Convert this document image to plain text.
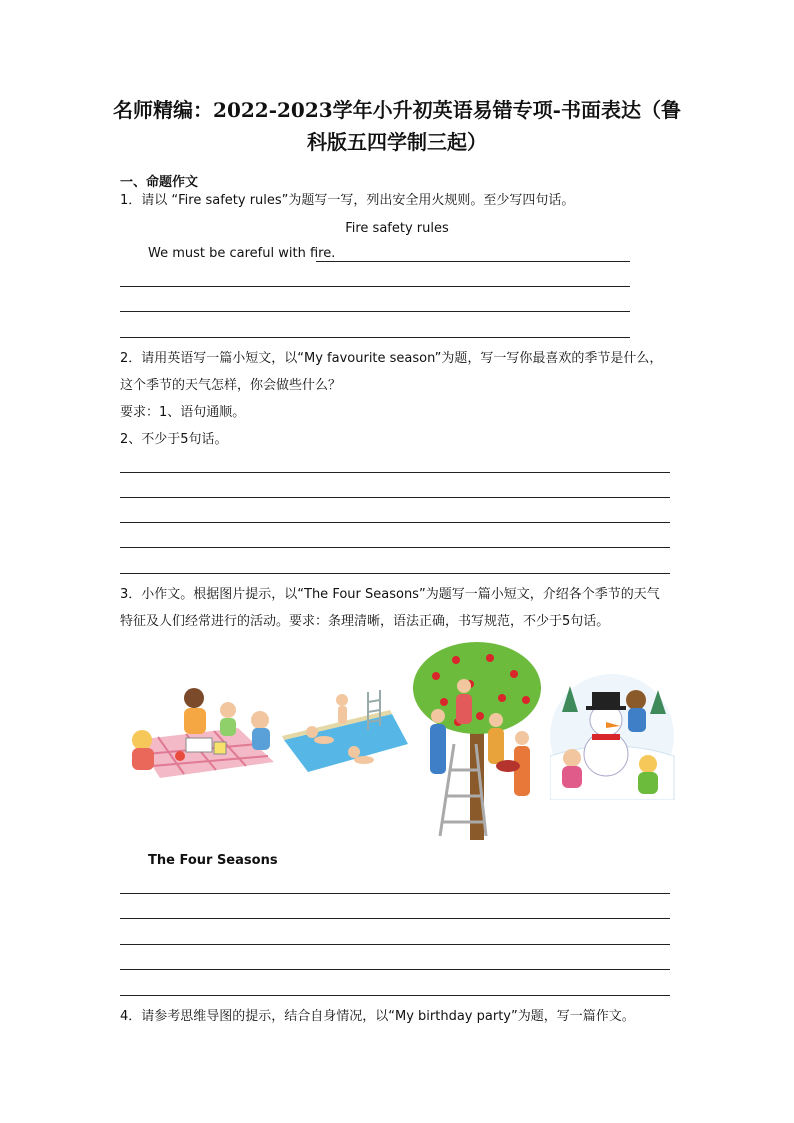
名师精编：2022-2023学年小升初英语易错专项-书面表达（鲁
科版五四学制三起）
一、命题作文
1．请以 “Fire safety rules”为题写一写，列出安全用火规则。至少写四句话。
Fire safety rules
We must be careful with fire.
2．请用英语写一篇小短文，以“My favourite season”为题，写一写你最喜欢的季节是什么，
这个季节的天气怎样，你会做些什么？
要求：1、语句通顺。
2、不少于5句话。
3．小作文。根据图片提示，以“The Four Seasons”为题写一篇小短文，介绍各个季节的天气
特征及人们经常进行的活动。要求：条理清晰，语法正确，书写规范，不少于5句话。
The Four Seasons
4．请参考思维导图的提示，结合自身情况，以“My birthday party”为题，写一篇作文。
